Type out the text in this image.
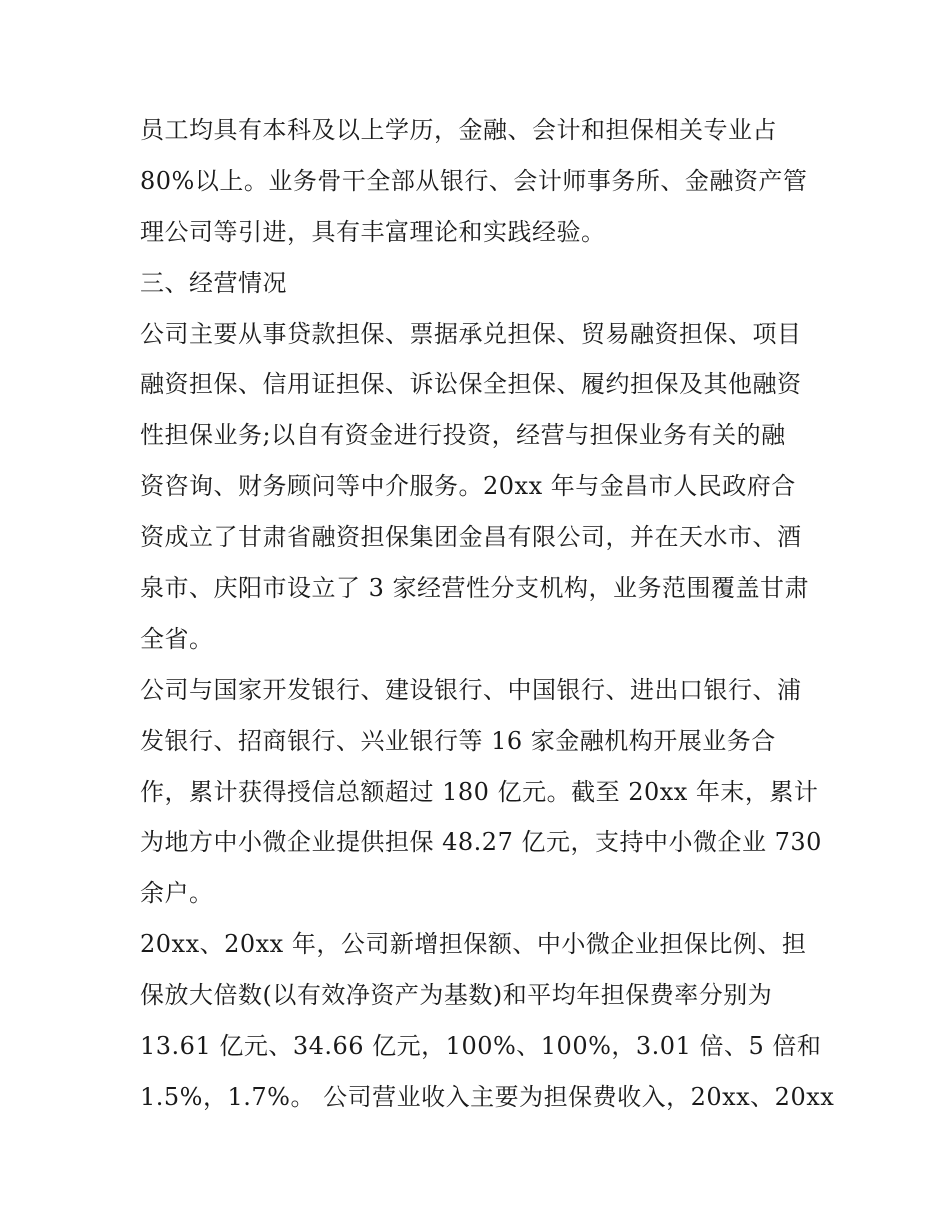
员工均具有本科及以上学历，金融、会计和担保相关专业占
80%以上。业务骨干全部从银行、会计师事务所、金融资产管
理公司等引进，具有丰富理论和实践经验。
三、经营情况
公司主要从事贷款担保、票据承兑担保、贸易融资担保、项目
融资担保、信用证担保、诉讼保全担保、履约担保及其他融资
性担保业务;以自有资金进行投资，经营与担保业务有关的融
资咨询、财务顾问等中介服务。20xx 年与金昌市人民政府合
资成立了甘肃省融资担保集团金昌有限公司，并在天水市、酒
泉市、庆阳市设立了 3 家经营性分支机构，业务范围覆盖甘肃
全省。
公司与国家开发银行、建设银行、中国银行、进出口银行、浦
发银行、招商银行、兴业银行等 16 家金融机构开展业务合
作，累计获得授信总额超过 180 亿元。截至 20xx 年末，累计
为地方中小微企业提供担保 48.27 亿元，支持中小微企业 730
余户。
20xx、20xx 年，公司新增担保额、中小微企业担保比例、担
保放大倍数(以有效净资产为基数)和平均年担保费率分别为
13.61 亿元、34.66 亿元，100%、100%，3.01 倍、5 倍和
1.5%，1.7%。 公司营业收入主要为担保费收入，20xx、20xx
